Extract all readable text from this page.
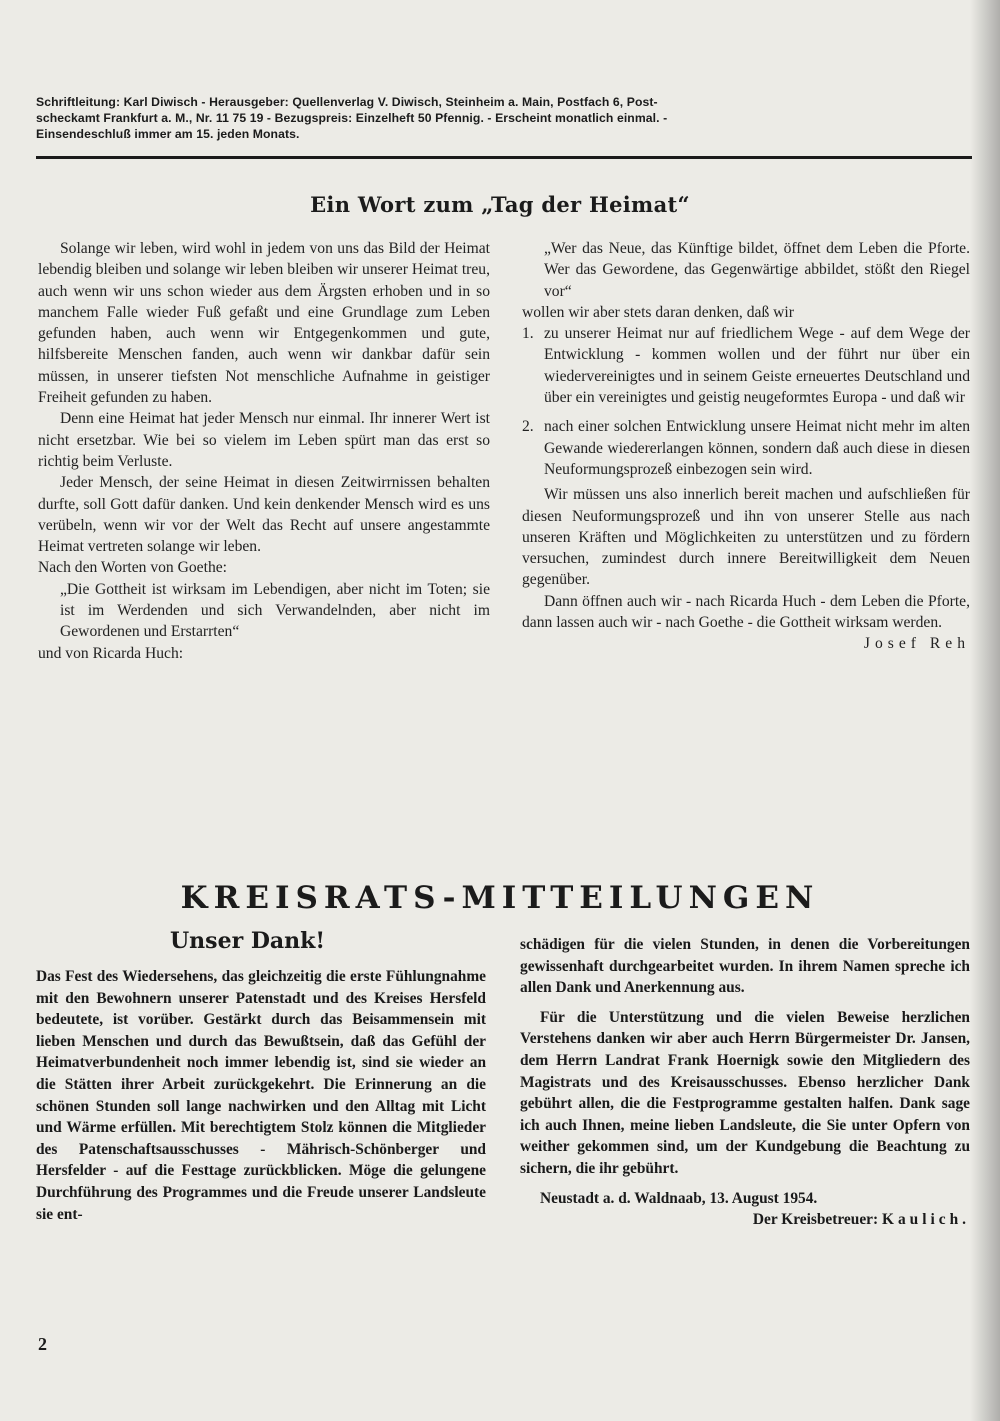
Schriftleitung: Karl Diwisch - Herausgeber: Quellenverlag V. Diwisch, Steinheim a. Main, Postfach 6, Post-

scheckamt Frankfurt a. M., Nr. 11 75 19 - Bezugspreis: Einzelheft 50 Pfennig. - Erscheint monatlich einmal. -

Einsendeschluß immer am 15. jeden Monats.

Ein Wort zum „Tag der Heimat“

Solange wir leben, wird wohl in jedem von uns das Bild der Heimat lebendig bleiben und solange wir leben bleiben wir unserer Heimat treu, auch wenn wir uns schon wieder aus dem Ärgsten erhoben und in so manchem Falle wieder Fuß gefaßt und eine Grundlage zum Leben gefunden haben, auch wenn wir Entgegenkommen und gute, hilfsbereite Menschen fanden, auch wenn wir dankbar dafür sein müssen, in unserer tiefsten Not menschliche Aufnahme in geistiger Freiheit gefunden zu haben.

Denn eine Heimat hat jeder Mensch nur einmal. Ihr innerer Wert ist nicht ersetzbar. Wie bei so vielem im Leben spürt man das erst so richtig beim Verluste.

Jeder Mensch, der seine Heimat in diesen Zeitwirrnissen behalten durfte, soll Gott dafür danken. Und kein denkender Mensch wird es uns verübeln, wenn wir vor der Welt das Recht auf unsere angestammte Heimat vertreten solange wir leben.

Nach den Worten von Goethe:

„Die Gottheit ist wirksam im Lebendigen, aber nicht im Toten; sie ist im Werdenden und sich Verwandelnden, aber nicht im Gewordenen und Erstarrten“

und von Ricarda Huch:

„Wer das Neue, das Künftige bildet, öffnet dem Leben die Pforte. Wer das Gewordene, das Gegenwärtige abbildet, stößt den Riegel vor“

wollen wir aber stets daran denken, daß wir

1. zu unserer Heimat nur auf friedlichem Wege - auf dem Wege der Entwicklung - kommen wollen und der führt nur über ein wiedervereinigtes und in seinem Geiste erneuertes Deutschland und über ein vereinigtes und geistig neugeformtes Europa - und daß wir
2. nach einer solchen Entwicklung unsere Heimat nicht mehr im alten Gewande wiedererlangen können, sondern daß auch diese in diesen Neuformungsprozeß einbezogen sein wird.

Wir müssen uns also innerlich bereit machen und aufschließen für diesen Neuformungsprozeß und ihn von unserer Stelle aus nach unseren Kräften und Möglichkeiten zu unterstützen und zu fördern versuchen, zumindest durch innere Bereitwilligkeit dem Neuen gegenüber.

Dann öffnen auch wir - nach Ricarda Huch - dem Leben die Pforte, dann lassen auch wir - nach Goethe - die Gottheit wirksam werden.

Josef Reh

KREISRATS-MITTEILUNGEN
Unser Dank!

Das Fest des Wiedersehens, das gleichzeitig die erste Fühlungnahme mit den Bewohnern unserer Patenstadt und des Kreises Hersfeld bedeutete, ist vorüber. Gestärkt durch das Beisammensein mit lieben Menschen und durch das Bewußtsein, daß das Gefühl der Heimatverbundenheit noch immer lebendig ist, sind sie wieder an die Stätten ihrer Arbeit zurückgekehrt. Die Erinnerung an die schönen Stunden soll lange nachwirken und den Alltag mit Licht und Wärme erfüllen. Mit berechtigtem Stolz können die Mitglieder des Patenschaftsausschusses - Mährisch-Schönberger und Hersfelder - auf die Festtage zurückblicken. Möge die gelungene Durchführung des Programmes und die Freude unserer Landsleute sie ent-

schädigen für die vielen Stunden, in denen die Vorbereitungen gewissenhaft durchgearbeitet wurden. In ihrem Namen spreche ich allen Dank und Anerkennung aus.

Für die Unterstützung und die vielen Beweise herzlichen Verstehens danken wir aber auch Herrn Bürgermeister Dr. Jansen, dem Herrn Landrat Frank Hoernigk sowie den Mitgliedern des Magistrats und des Kreisausschusses. Ebenso herzlicher Dank gebührt allen, die die Festprogramme gestalten halfen. Dank sage ich auch Ihnen, meine lieben Landsleute, die Sie unter Opfern von weither gekommen sind, um der Kundgebung die Beachtung zu sichern, die ihr gebührt.

Neustadt a. d. Waldnaab, 13. August 1954.

Der Kreisbetreuer: Kaulich.

2
